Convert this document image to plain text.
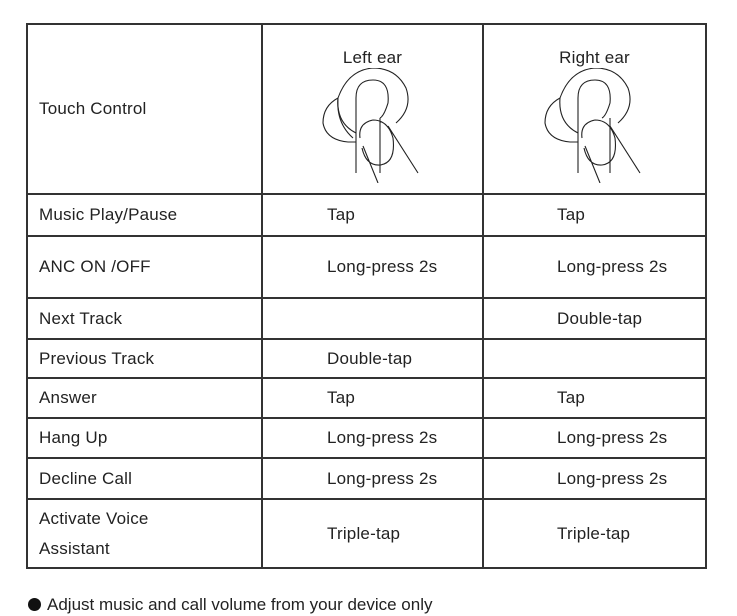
Touch Control	Left ear	Right ear

Music Play/Pause	Tap	Tap
ANC ON /OFF	Long-press 2s	Long-press 2s
Next Track		Double-tap
Previous Track	Double-tap	
Answer	Tap	Tap
Hang Up	Long-press 2s	Long-press 2s
Decline Call	Long-press 2s	Long-press 2s
Activate Voice Assistant	Triple-tap	Triple-tap
Adjust music and call volume from your device only
